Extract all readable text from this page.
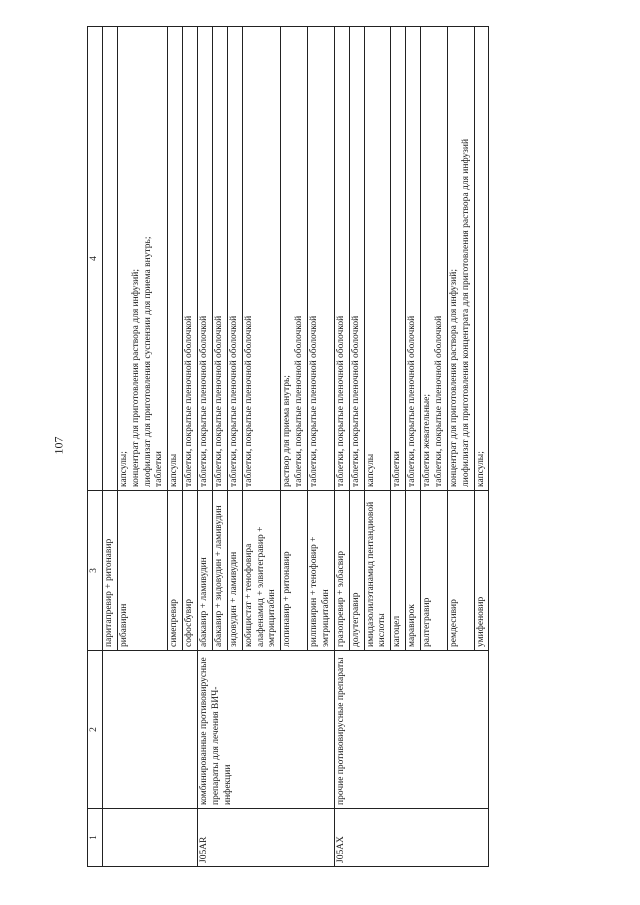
107
1	2	3	4
		паритапревир + ритонавир	
		рибавирин	капсулы; концентрат для приготовления раствора для инфузий; лиофилизат для приготовления суспензии для приема внутрь; таблетки

		симепревир	капсулы
		софосбувир	таблетки, покрытые пленочной оболочкой
J05AR	комбинированные противовирусные препараты для лечения ВИЧ-инфекции	абакавир + ламивудин	таблетки, покрытые пленочной оболочкой
		абакавир + зидовудин + ламивудин	таблетки, покрытые пленочной оболочкой
		зидовудин + ламивудин	таблетки, покрытые пленочной оболочкой
		кобицистат + тенофовира алафенамид + элвитегравир + эмтрицитабин	таблетки, покрытые пленочной оболочкой
		лопинавир + ритонавир	раствор для приема внутрь; таблетки, покрытые пленочной оболочкой

		рилпивирин + тенофовир + эмтрицитабин	таблетки, покрытые пленочной оболочкой
J05AX	прочие противовирусные препараты	гразопревир + элбасвир	таблетки, покрытые пленочной оболочкой
		долутегравир	таблетки, покрытые пленочной оболочкой
		имидазолилэтанамид пентандиовой кислоты	капсулы
		кагоцел	таблетки
		маравирок	таблетки, покрытые пленочной оболочкой
		ралтегравир	таблетки жевательные; таблетки, покрытые пленочной оболочкой

		ремдесивир	концентрат для приготовления раствора для инфузий; лиофилизат для приготовления концентрата для приготовления раствора для инфузий

		умифеновир	капсулы;
